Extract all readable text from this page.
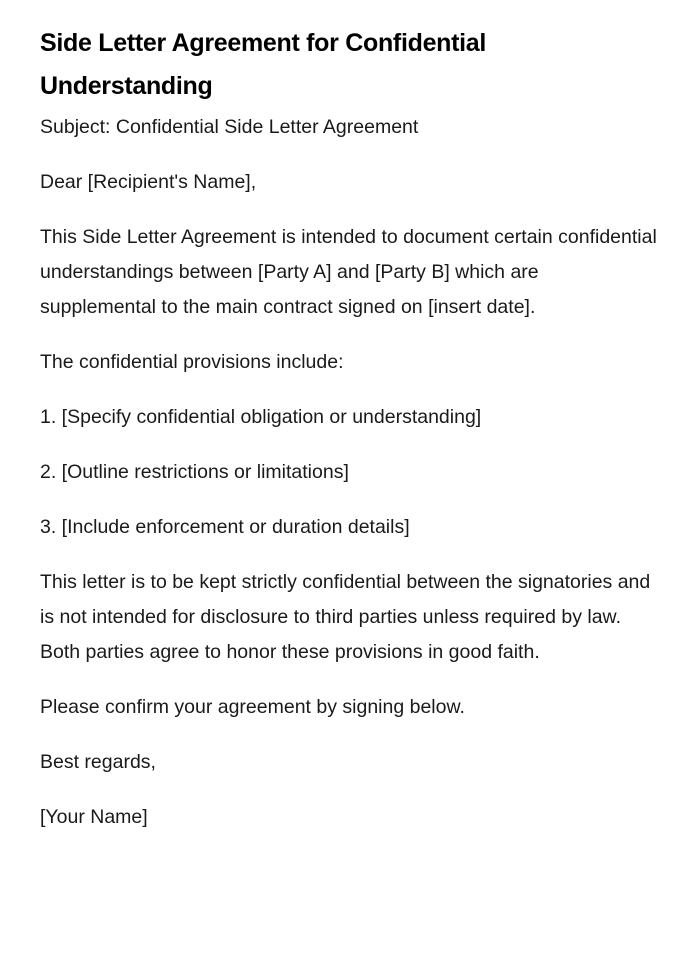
Side Letter Agreement for Confidential Understanding

Subject: Confidential Side Letter Agreement

Dear [Recipient's Name],

This Side Letter Agreement is intended to document certain confidential understandings between [Party A] and [Party B] which are supplemental to the main contract signed on [insert date].

The confidential provisions include:

1. [Specify confidential obligation or understanding]

2. [Outline restrictions or limitations]

3. [Include enforcement or duration details]

This letter is to be kept strictly confidential between the signatories and is not intended for disclosure to third parties unless required by law. Both parties agree to honor these provisions in good faith.

Please confirm your agreement by signing below.

Best regards,

[Your Name]
